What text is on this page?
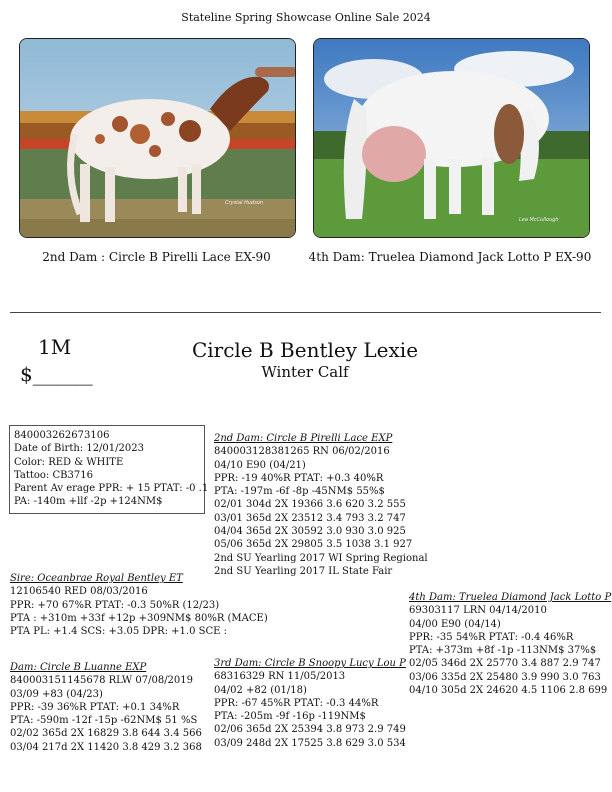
Stateline Spring Showcase Online Sale 2024
Crystal Hudson
Lea McCullough
2nd Dam : Circle B Pirelli Lace EX-90	4th Dam: Truelea Diamond Jack Lotto P EX-90
1M
$______
Circle B Bentley Lexie
Winter Calf
840003262673106
Date of Birth: 12/01/2023
Color: RED & WHITE
Tattoo: CB3716
Parent Av erage PPR: + 15 PTAT: -0 .1
PA: -140m +llf -2p +124NM$
2nd Dam: Circle B Pirelli Lace EXP
840003128381265 RN 06/02/2016
04/10 E90 (04/21)
PPR: -19 40%R PTAT: +0.3 40%R
PTA: -197m -6f -8p -45NM$ 55%$
02/01 304d 2X 19366 3.6 620 3.2 555
03/01 365d 2X 23512 3.4 793 3.2 747
04/04 365d 2X 30592 3.0 930 3.0 925
05/06 365d 2X 29805 3.5 1038 3.1 927
2nd SU Yearling 2017 WI Spring Regional
2nd SU Yearling 2017 IL State Fair
Sire: Oceanbrae Royal Bentley ET
12106540 RED 08/03/2016
PPR: +70 67%R PTAT: -0.3 50%R (12/23)
PTA : +310m +33f +12p +309NM$ 80%R (MACE)
PTA PL: +1.4 SCS: +3.05 DPR: +1.0 SCE :
4th Dam: Truelea Diamond Jack Lotto P
69303117 LRN 04/14/2010
04/00 E90 (04/14)
PPR: -35 54%R PTAT: -0.4 46%R
PTA: +373m +8f -1p -113NM$ 37%$
02/05 346d 2X 25770 3.4 887 2.9 747
03/06 335d 2X 25480 3.9 990 3.0 763
04/10 305d 2X 24620 4.5 1106 2.8 699
Dam: Circle B Luanne EXP
840003151145678 RLW 07/08/2019
03/09 +83 (04/23)
PPR: -39 36%R PTAT: +0.1 34%R
PTA: -590m -12f -15p -62NM$ 51 %S
02/02 365d 2X 16829 3.8 644 3.4 566
03/04 217d 2X 11420 3.8 429 3.2 368
3rd Dam: Circle B Snoopy Lucy Lou P
68316329 RN 11/05/2013
04/02 +82 (01/18)
PPR: -67 45%R PTAT: -0.3 44%R
PTA: -205m -9f -16p -119NM$
02/06 365d 2X 25394 3.8 973 2.9 749
03/09 248d 2X 17525 3.8 629 3.0 534
